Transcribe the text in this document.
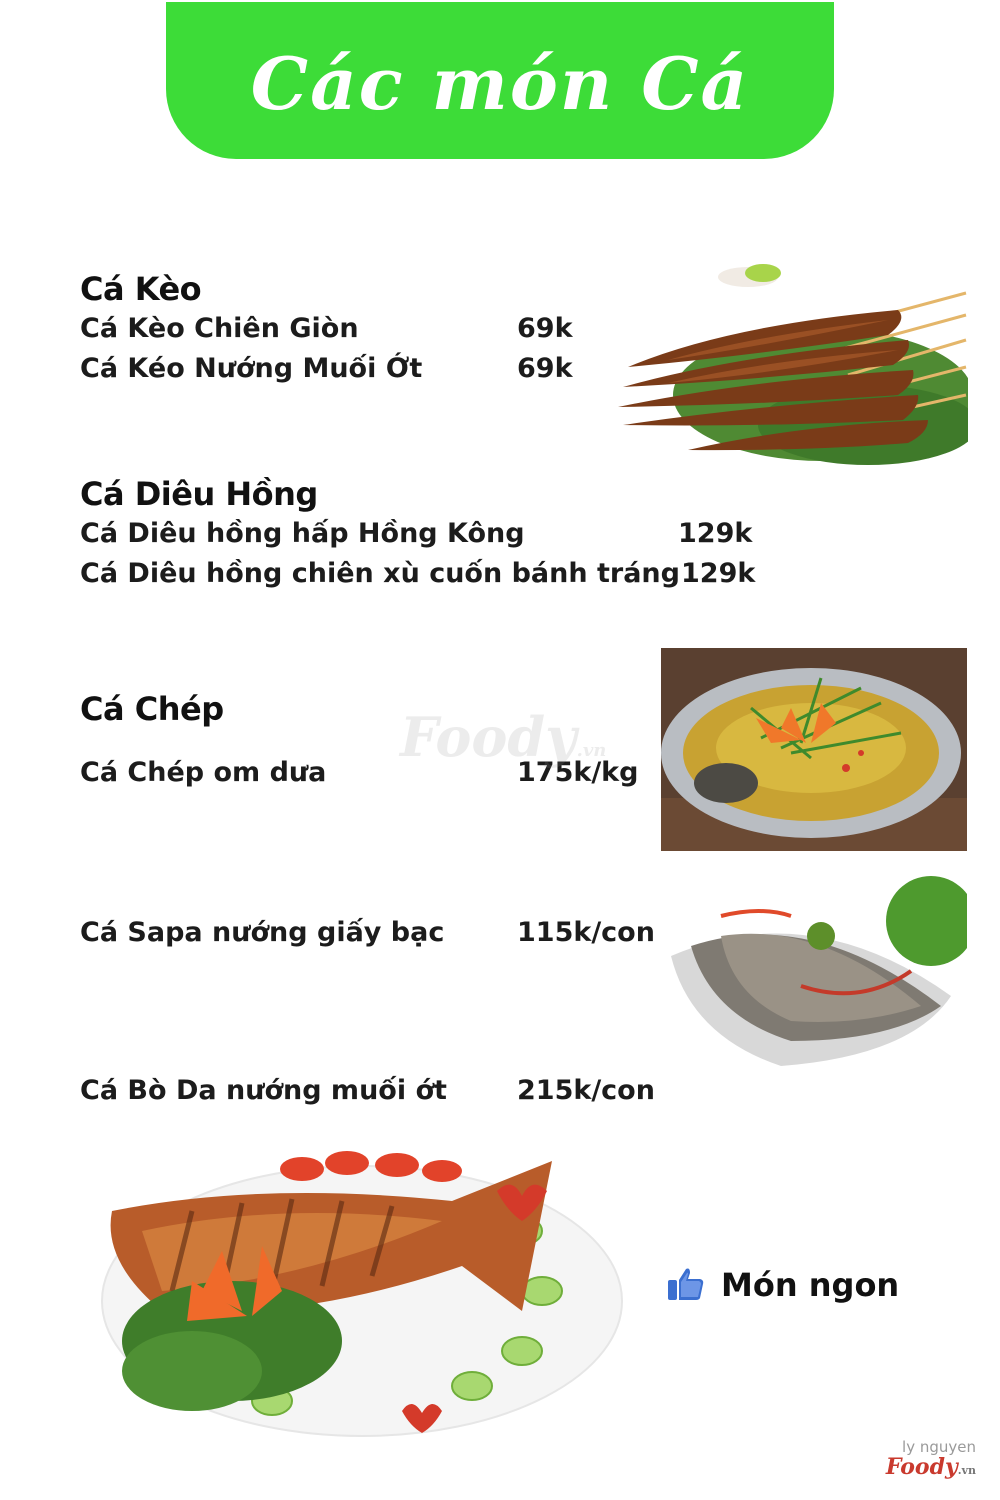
Các món Cá
Cá Kèo
Cá Kèo Chiên Giòn	69k
Cá Kéo Nướng Muối Ớt	69k
Cá Diêu Hồng
Cá Diêu hồng hấp Hồng Kông	129k
Cá Diêu hồng chiên xù cuốn bánh tráng 129k
Cá Chép
Cá Chép om dưa	175k/kg
Foody.vn
Cá Sapa nướng giấy bạc	115k/con
Cá Bò Da nướng muối ớt	215k/con
Món ngon
ly nguyen
Foody.vn
